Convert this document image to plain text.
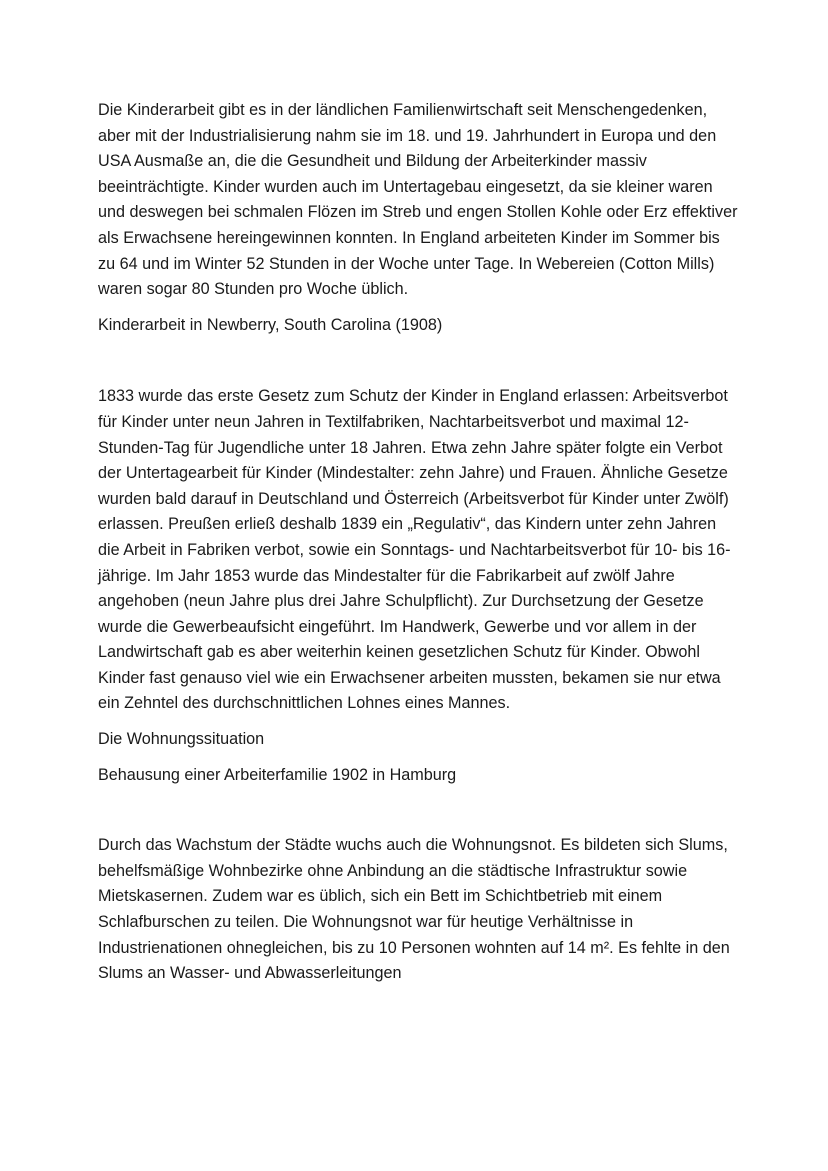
Die Kinderarbeit gibt es in der ländlichen Familienwirtschaft seit Menschengedenken, aber mit der Industrialisierung nahm sie im 18. und 19. Jahrhundert in Europa und den USA Ausmaße an, die die Gesundheit und Bildung der Arbeiterkinder massiv beeinträchtigte. Kinder wurden auch im Untertagebau eingesetzt, da sie kleiner waren und deswegen bei schmalen Flözen im Streb und engen Stollen Kohle oder Erz effektiver als Erwachsene hereingewinnen konnten. In England arbeiteten Kinder im Sommer bis zu 64 und im Winter 52 Stunden in der Woche unter Tage. In Webereien (Cotton Mills) waren sogar 80 Stunden pro Woche üblich.

Kinderarbeit in Newberry, South Carolina (1908)

1833 wurde das erste Gesetz zum Schutz der Kinder in England erlassen: Arbeitsverbot für Kinder unter neun Jahren in Textilfabriken, Nachtarbeitsverbot und maximal 12-Stunden-Tag für Jugendliche unter 18 Jahren. Etwa zehn Jahre später folgte ein Verbot der Untertagearbeit für Kinder (Mindestalter: zehn Jahre) und Frauen. Ähnliche Gesetze wurden bald darauf in Deutschland und Österreich (Arbeitsverbot für Kinder unter Zwölf) erlassen. Preußen erließ deshalb 1839 ein „Regulativ“, das Kindern unter zehn Jahren die Arbeit in Fabriken verbot, sowie ein Sonntags- und Nachtarbeitsverbot für 10- bis 16-jährige. Im Jahr 1853 wurde das Mindestalter für die Fabrikarbeit auf zwölf Jahre angehoben (neun Jahre plus drei Jahre Schulpflicht). Zur Durchsetzung der Gesetze wurde die Gewerbeaufsicht eingeführt. Im Handwerk, Gewerbe und vor allem in der Landwirtschaft gab es aber weiterhin keinen gesetzlichen Schutz für Kinder. Obwohl Kinder fast genauso viel wie ein Erwachsener arbeiten mussten, bekamen sie nur etwa ein Zehntel des durchschnittlichen Lohnes eines Mannes.

Die Wohnungssituation

Behausung einer Arbeiterfamilie 1902 in Hamburg

Durch das Wachstum der Städte wuchs auch die Wohnungsnot. Es bildeten sich Slums, behelfsmäßige Wohnbezirke ohne Anbindung an die städtische Infrastruktur sowie Mietskasernen. Zudem war es üblich, sich ein Bett im Schichtbetrieb mit einem Schlafburschen zu teilen. Die Wohnungsnot war für heutige Verhältnisse in Industrienationen ohnegleichen, bis zu 10 Personen wohnten auf 14 m². Es fehlte in den Slums an Wasser- und Abwasserleitungen
